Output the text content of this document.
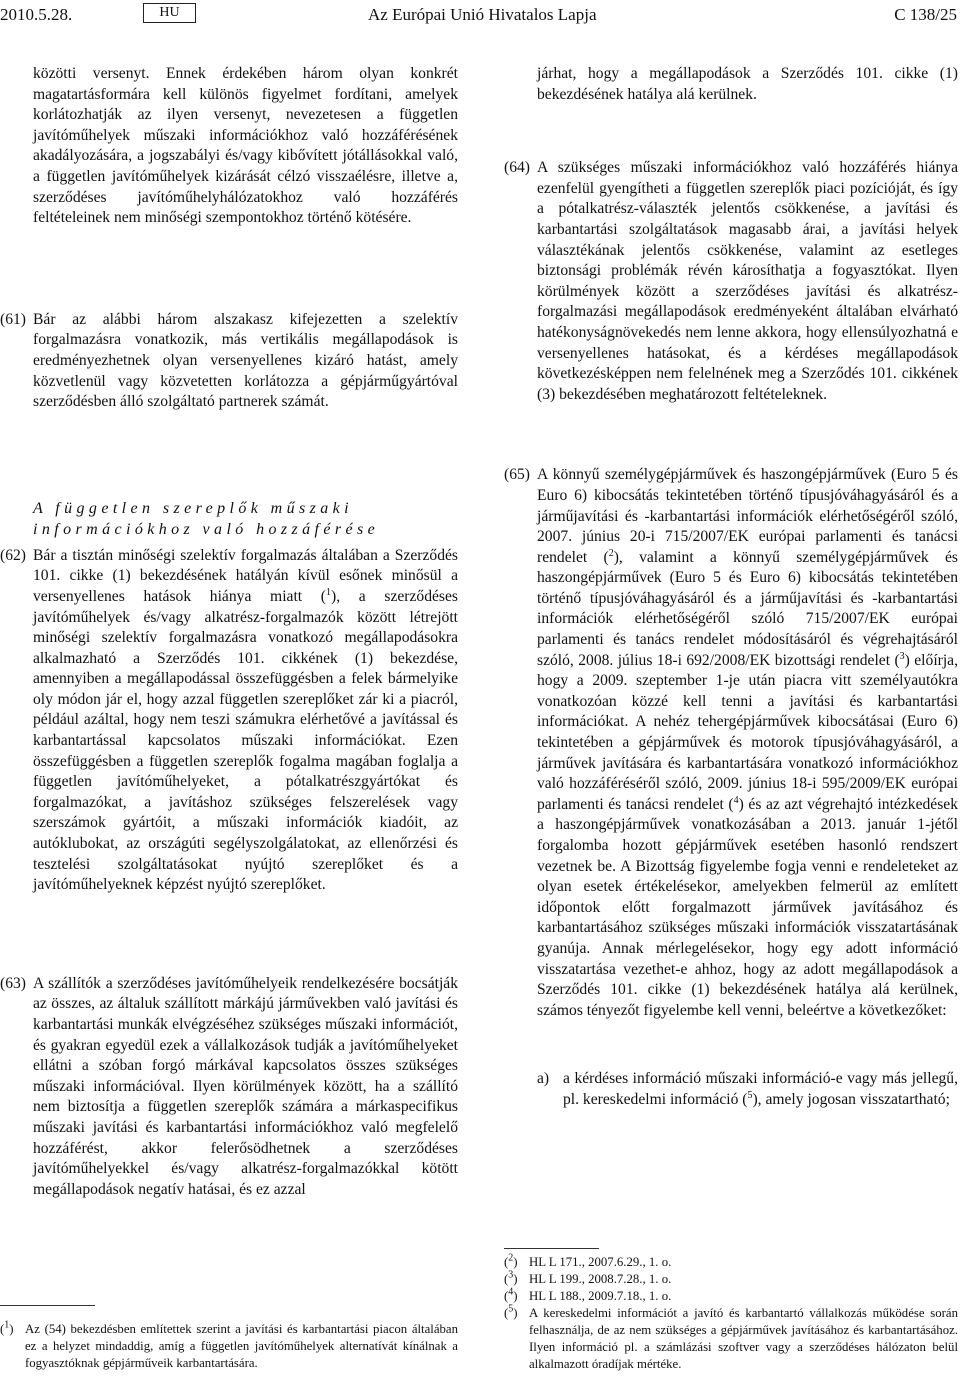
2010.5.28.	HU	Az Európai Unió Hivatalos Lapja	C 138/25
közötti versenyt. Ennek érdekében három olyan konkrét magatartásformára kell különös figyelmet fordítani, amelyek korlátozhatják az ilyen versenyt, nevezetesen a független javítóműhelyek műszaki információkhoz való hozzáférésének akadályozására, a jogszabályi és/vagy kibővített jótállásokkal való, a független javítóműhelyek kizárását célzó visszaélésre, illetve a, szerződéses javítóműhelyhálózatokhoz való hozzáférés feltételeinek nem minőségi szempontokhoz történő kötésére.
(61) Bár az alábbi három alszakasz kifejezetten a szelektív forgalmazásra vonatkozik, más vertikális megállapodások is eredményezhetnek olyan versenyellenes kizáró hatást, amely közvetlenül vagy közvetetten korlátozza a gépjárműgyártóval szerződésben álló szolgáltató partnerek számát.
A független szereplők műszaki információkhoz való hozzáférése
(62) Bár a tisztán minőségi szelektív forgalmazás általában a Szerződés 101. cikke (1) bekezdésének hatályán kívül esőnek minősül a versenyellenes hatások hiánya miatt ($^1$), a szerződéses javítóműhelyek és/vagy alkatrész-forgalmazók között létrejött minőségi szelektív forgalmazásra vonatkozó megállapodásokra alkalmazható a Szerződés 101. cikkének (1) bekezdése, amennyiben a megállapodással összefüggésben a felek bármelyike oly módon jár el, hogy azzal független szereplőket zár ki a piacról, például azáltal, hogy nem teszi számukra elérhetővé a javítással és karbantartással kapcsolatos műszaki információkat. Ezen összefüggésben a független szereplők fogalma magában foglalja a független javítóműhelyeket, a pótalkatrészgyártókat és forgalmazókat, a javításhoz szükséges felszerelések vagy szerszámok gyártóit, a műszaki információk kiadóit, az autóklubokat, az országúti segélyszolgálatokat, az ellenőrzési és tesztelési szolgáltatásokat nyújtó szereplőket és a javítóműhelyeknek képzést nyújtó szereplőket.
(63) A szállítók a szerződéses javítóműhelyeik rendelkezésére bocsátják az összes, az általuk szállított márkájú járművekben való javítási és karbantartási munkák elvégzéséhez szükséges műszaki információt, és gyakran egyedül ezek a vállalkozások tudják a javítóműhelyeket ellátni a szóban forgó márkával kapcsolatos összes szükséges műszaki információval. Ilyen körülmények között, ha a szállító nem biztosítja a független szereplők számára a márkaspecifikus műszaki javítási és karbantartási információkhoz való megfelelő hozzáférést, akkor felerősödhetnek a szerződéses javítóműhelyekkel és/vagy alkatrész-forgalmazókkal kötött megállapodások negatív hatásai, és ez azzal
($^1$) Az (54) bekezdésben említettek szerint a javítási és karbantartási piacon általában ez a helyzet mindaddig, amíg a független javítóműhelyek alternatívát kínálnak a fogyasztóknak gépjárműveik karbantartására.
járhat, hogy a megállapodások a Szerződés 101. cikke (1) bekezdésének hatálya alá kerülnek.
(64) A szükséges műszaki információkhoz való hozzáférés hiánya ezenfelül gyengítheti a független szereplők piaci pozícióját, és így a pótalkatrész-választék jelentős csökkenése, a javítási és karbantartási szolgáltatások magasabb árai, a javítási helyek választékának jelentős csökkenése, valamint az esetleges biztonsági problémák révén károsíthatja a fogyasztókat. Ilyen körülmények között a szerződéses javítási és alkatrész-forgalmazási megállapodások eredményeként általában elvárható hatékonyságnövekedés nem lenne akkora, hogy ellensúlyozhatná e versenyellenes hatásokat, és a kérdéses megállapodások következésképpen nem felelnének meg a Szerződés 101. cikkének (3) bekezdésében meghatározott feltételeknek.
(65) A könnyű személygépjárművek és haszongépjárművek (Euro 5 és Euro 6) kibocsátás tekintetében történő típusjóváhagyásáról és a járműjavítási és -karbantartási információk elérhetőségéről szóló, 2007. június 20-i 715/2007/EK európai parlamenti és tanácsi rendelet ($^2$), valamint a könnyű személygépjárművek és haszongépjárművek (Euro 5 és Euro 6) kibocsátás tekintetében történő típusjóváhagyásáról és a járműjavítási és -karbantartási információk elérhetőségéről szóló 715/2007/EK európai parlamenti és tanács rendelet módosításáról és végrehajtásáról szóló, 2008. július 18-i 692/2008/EK bizottsági rendelet ($^3$) előírja, hogy a 2009. szeptember 1-je után piacra vitt személyautókra vonatkozóan közzé kell tenni a javítási és karbantartási információkat. A nehéz tehergépjárművek kibocsátásai (Euro 6) tekintetében a gépjárművek és motorok típusjóváhagyásáról, a járművek javítására és karbantartására vonatkozó információkhoz való hozzáféréséről szóló, 2009. június 18-i 595/2009/EK európai parlamenti és tanácsi rendelet ($^4$) és az azt végrehajtó intézkedések a haszongépjárművek vonatkozásában a 2013. január 1-jétől forgalomba hozott gépjárművek esetében hasonló rendszert vezetnek be. A Bizottság figyelembe fogja venni e rendeleteket az olyan esetek értékelésekor, amelyekben felmerül az említett időpontok előtt forgalmazott járművek javításához és karbantartásához szükséges műszaki információk visszatartásának gyanúja. Annak mérlegelésekor, hogy egy adott információ visszatartása vezethet-e ahhoz, hogy az adott megállapodások a Szerződés 101. cikke (1) bekezdésének hatálya alá kerülnek, számos tényezőt figyelembe kell venni, beleértve a következőket:
a) a kérdéses információ műszaki információ-e vagy más jellegű, pl. kereskedelmi információ ($^5$), amely jogosan visszatartható;
($^2$) HL L 171., 2007.6.29., 1. o.
($^3$) HL L 199., 2008.7.28., 1. o.
($^4$) HL L 188., 2009.7.18., 1. o.
($^5$) A kereskedelmi információt a javító és karbantartó vállalkozás működése során felhasználja, de az nem szükséges a gépjárművek javításához és karbantartásához. Ilyen információ pl. a számlázási szoftver vagy a szerződéses hálózaton belül alkalmazott óradíjak mértéke.
